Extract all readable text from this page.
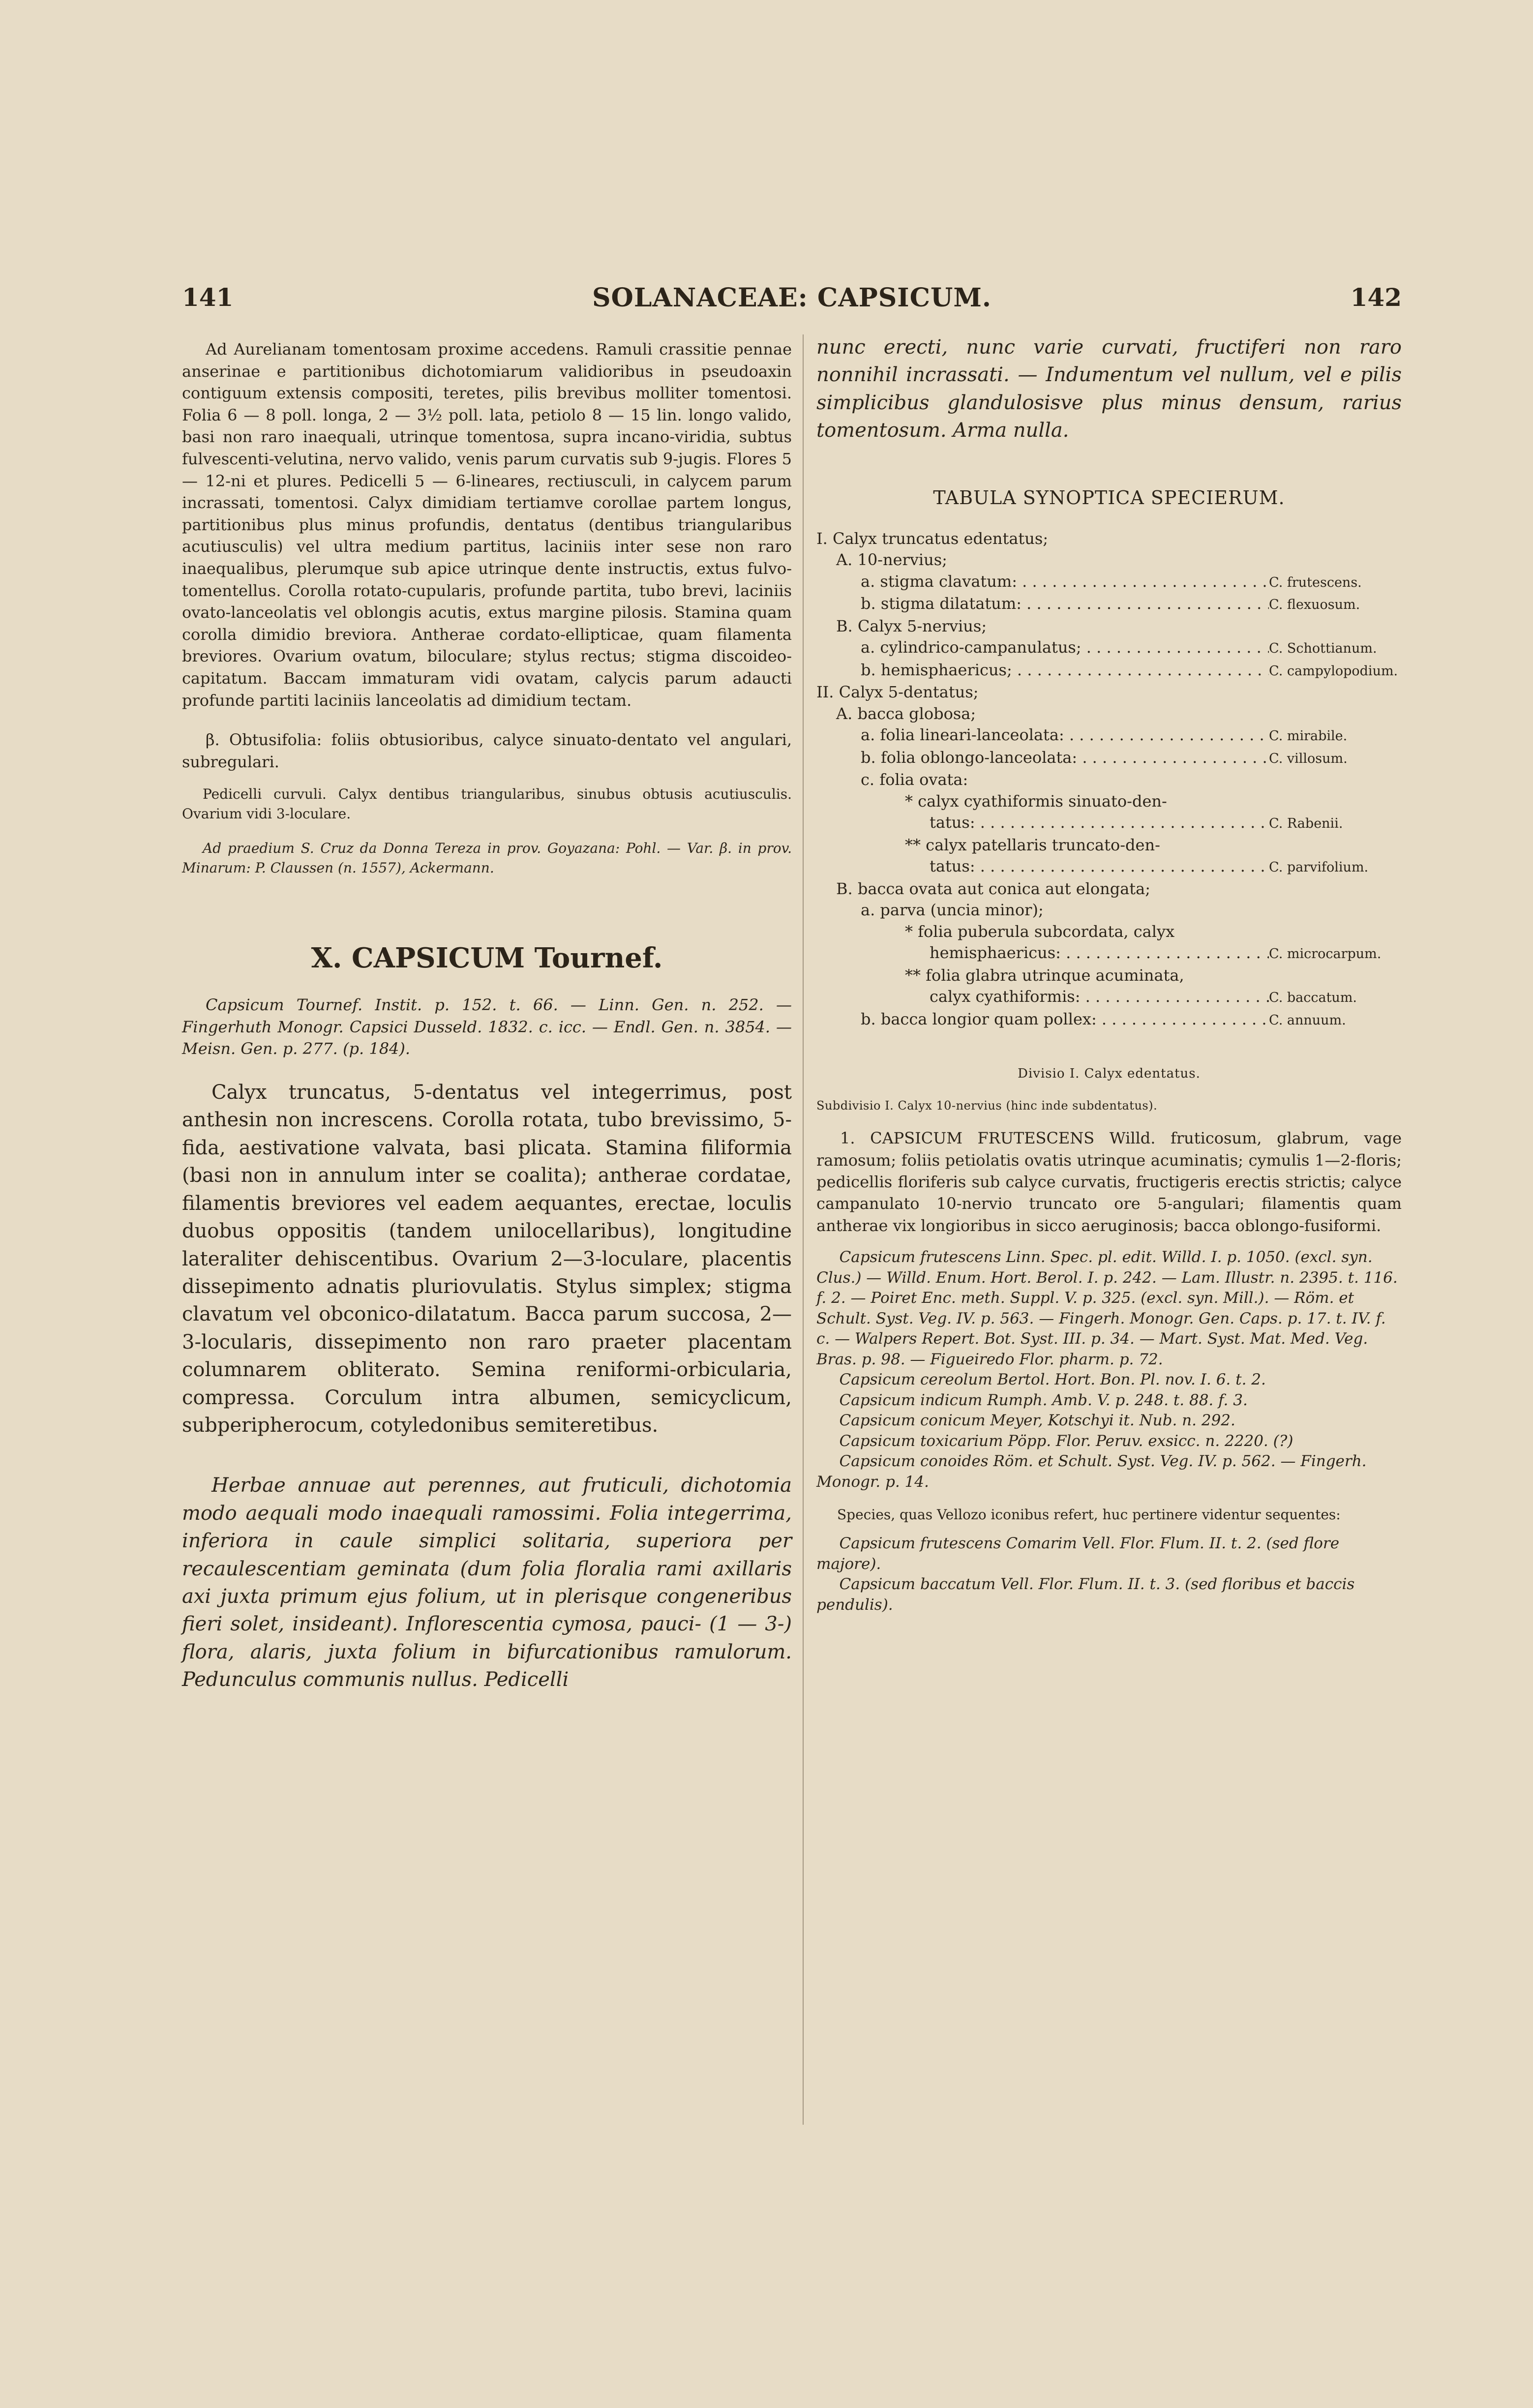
141	SOLANACEAE: CAPSICUM.	142

Ad Aurelianam tomentosam proxime accedens. Ramuli crassitie pennae anserinae e partitionibus dichotomiarum validioribus in pseudoaxin contiguum extensis compositi, teretes, pilis brevibus molliter tomentosi. Folia 6 — 8 poll. longa, 2 — 3½ poll. lata, petiolo 8 — 15 lin. longo valido, basi non raro inaequali, utrinque tomentosa, supra incano-viridia, subtus fulvescenti-velutina, nervo valido, venis parum curvatis sub 9-jugis. Flores 5 — 12-ni et plures. Pedicelli 5 — 6-lineares, rectiusculi, in calycem parum incrassati, tomentosi. Calyx dimidiam tertiamve corollae partem longus, partitionibus plus minus profundis, dentatus (dentibus triangularibus acutiusculis) vel ultra medium partitus, laciniis inter sese non raro inaequalibus, plerumque sub apice utrinque dente instructis, extus fulvo-tomentellus. Corolla rotato-cupularis, profunde partita, tubo brevi, laciniis ovato-lanceolatis vel oblongis acutis, extus margine pilosis. Stamina quam corolla dimidio breviora. Antherae cordato-ellipticae, quam filamenta breviores. Ovarium ovatum, biloculare; stylus rectus; stigma discoideo-capitatum. Baccam immaturam vidi ovatam, calycis parum adaucti profunde partiti laciniis lanceolatis ad dimidium tectam.

β. Obtusifolia: foliis obtusioribus, calyce sinuato-dentato vel angulari, subregulari.

Pedicelli curvuli. Calyx dentibus triangularibus, sinubus obtusis acutiusculis. Ovarium vidi 3-loculare.

Ad praedium S. Cruz da Donna Tereza in prov. Goyazana: Pohl. — Var. β. in prov. Minarum: P. Claussen (n. 1557), Ackermann.

X. CAPSICUM Tournef.

Capsicum Tournef. Instit. p. 152. t. 66. — Linn. Gen. n. 252. — Fingerhuth Monogr. Capsici Dusseld. 1832. c. icc. — Endl. Gen. n. 3854. — Meisn. Gen. p. 277. (p. 184).

Calyx truncatus, 5-dentatus vel integerrimus, post anthesin non increscens. Corolla rotata, tubo brevissimo, 5-fida, aestivatione valvata, basi plicata. Stamina filiformia (basi non in annulum inter se coalita); antherae cordatae, filamentis breviores vel eadem aequantes, erectae, loculis duobus oppositis (tandem unilocellaribus), longitudine lateraliter dehiscentibus. Ovarium 2—3-loculare, placentis dissepimento adnatis pluriovulatis. Stylus simplex; stigma clavatum vel obconico-dilatatum. Bacca parum succosa, 2—3-locularis, dissepimento non raro praeter placentam columnarem obliterato. Semina reniformi-orbicularia, compressa. Corculum intra albumen, semicyclicum, subperipherocum, cotyledonibus semiteretibus.

Herbae annuae aut perennes, aut fruticuli, dichotomia modo aequali modo inaequali ramossimi. Folia integerrima, inferiora in caule simplici solitaria, superiora per recaulescentiam geminata (dum folia floralia rami axillaris axi juxta primum ejus folium, ut in plerisque congeneribus fieri solet, insideant). Inflorescentia cymosa, pauci- (1 — 3-) flora, alaris, juxta folium in bifurcationibus ramulorum. Pedunculus communis nullus. Pedicelli

nunc erecti, nunc varie curvati, fructiferi non raro nonnihil incrassati. — Indumentum vel nullum, vel e pilis simplicibus glandulosisve plus minus densum, rarius tomentosum. Arma nulla.

TABULA SYNOPTICA SPECIERUM.

I. Calyx truncatus edentatus;
A. 10-nervius;
a. stigma clavatum: . . .	C. frutescens.
b. stigma dilatatum: . . .	C. flexuosum.
B. Calyx 5-nervius;
a. cylindrico-campanulatus; . . .	C. Schottianum.
b. hemisphaericus; . . .	C. campylopodium.
II. Calyx 5-dentatus;
A. bacca globosa;
a. folia lineari-lanceolata: . . .	C. mirabile.
b. folia oblongo-lanceolata: . . .	C. villosum.
c. folia ovata:
* calyx cyathiformis sinuato-den-
tatus: . . .	C. Rabenii.
** calyx patellaris truncato-den-
tatus: . . .	C. parvifolium.
B. bacca ovata aut conica aut elongata;
a. parva (uncia minor);
* folia puberula subcordata, calyx
hemisphaericus: . . .	C. microcarpum.
** folia glabra utrinque acuminata,
calyx cyathiformis: . . .	C. baccatum.
b. bacca longior quam pollex: . . .	C. annuum.

Divisio I. Calyx edentatus.

Subdivisio I. Calyx 10-nervius (hinc inde subdentatus).

1. CAPSICUM FRUTESCENS Willd. fruticosum, glabrum, vage ramosum; foliis petiolatis ovatis utrinque acuminatis; cymulis 1—2-floris; pedicellis floriferis sub calyce curvatis, fructigeris erectis strictis; calyce campanulato 10-nervio truncato ore 5-angulari; filamentis quam antherae vix longioribus in sicco aeruginosis; bacca oblongo-fusiformi.

Capsicum frutescens Linn. Spec. pl. edit. Willd. I. p. 1050. (excl. syn. Clus.) — Willd. Enum. Hort. Berol. I. p. 242. — Lam. Illustr. n. 2395. t. 116. f. 2. — Poiret Enc. meth. Suppl. V. p. 325. (excl. syn. Mill.). — Röm. et Schult. Syst. Veg. IV. p. 563. — Fingerh. Monogr. Gen. Caps. p. 17. t. IV. f. c. — Walpers Repert. Bot. Syst. III. p. 34. — Mart. Syst. Mat. Med. Veg. Bras. p. 98. — Figueiredo Flor. pharm. p. 72.

Capsicum cereolum Bertol. Hort. Bon. Pl. nov. I. 6. t. 2.

Capsicum indicum Rumph. Amb. V. p. 248. t. 88. f. 3.

Capsicum conicum Meyer, Kotschyi it. Nub. n. 292.

Capsicum toxicarium Pöpp. Flor. Peruv. exsicc. n. 2220. (?)

Capsicum conoides Röm. et Schult. Syst. Veg. IV. p. 562. — Fingerh. Monogr. p. 14.

Species, quas Vellozo iconibus refert, huc pertinere videntur sequentes:

Capsicum frutescens Comarim Vell. Flor. Flum. II. t. 2. (sed flore majore).

Capsicum baccatum Vell. Flor. Flum. II. t. 3. (sed floribus et baccis pendulis).
